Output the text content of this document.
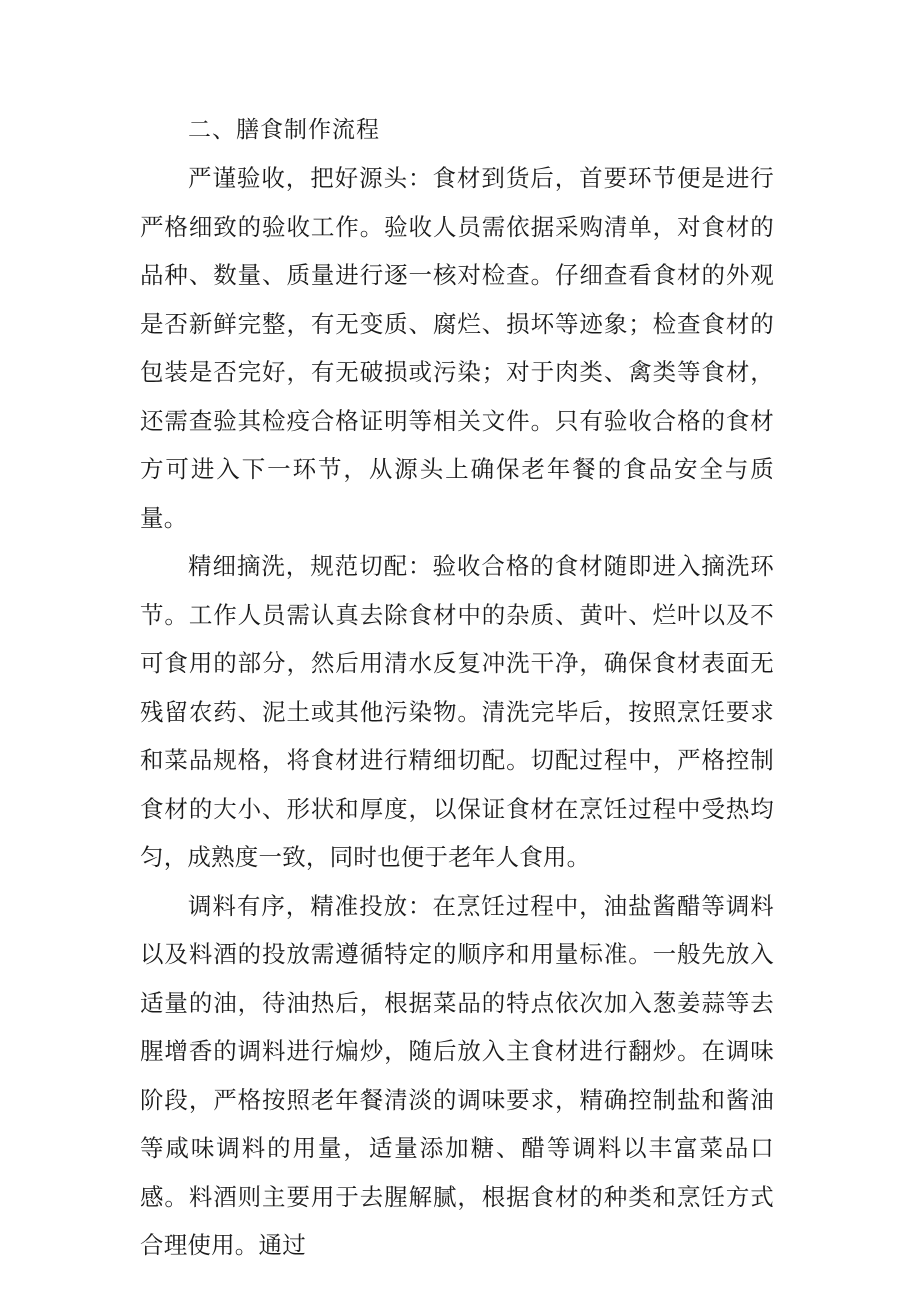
二、膳食制作流程

严谨验收，把好源头：食材到货后，首要环节便是进行严格细致的验收工作。验收人员需依据采购清单，对食材的品种、数量、质量进行逐一核对检查。仔细查看食材的外观是否新鲜完整，有无变质、腐烂、损坏等迹象；检查食材的包装是否完好，有无破损或污染；对于肉类、禽类等食材，还需查验其检疫合格证明等相关文件。只有验收合格的食材方可进入下一环节，从源头上确保老年餐的食品安全与质量。

精细摘洗，规范切配：验收合格的食材随即进入摘洗环节。工作人员需认真去除食材中的杂质、黄叶、烂叶以及不可食用的部分，然后用清水反复冲洗干净，确保食材表面无残留农药、泥土或其他污染物。清洗完毕后，按照烹饪要求和菜品规格，将食材进行精细切配。切配过程中，严格控制食材的大小、形状和厚度，以保证食材在烹饪过程中受热均匀，成熟度一致，同时也便于老年人食用。

调料有序，精准投放：在烹饪过程中，油盐酱醋等调料以及料酒的投放需遵循特定的顺序和用量标准。一般先放入适量的油，待油热后，根据菜品的特点依次加入葱姜蒜等去腥增香的调料进行煸炒，随后放入主食材进行翻炒。在调味阶段，严格按照老年餐清淡的调味要求，精确控制盐和酱油等咸味调料的用量，适量添加糖、醋等调料以丰富菜品口感。料酒则主要用于去腥解腻，根据食材的种类和烹饪方式合理使用。通过
